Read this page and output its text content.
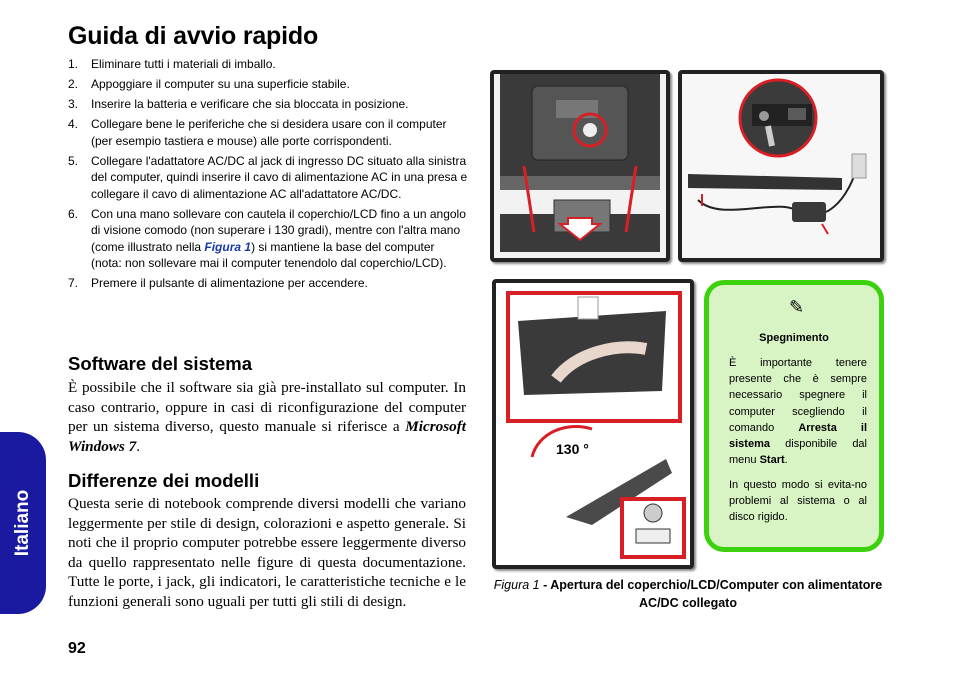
Guida di avvio rapido
1. Eliminare tutti i materiali di imballo.
2. Appoggiare il computer su una superficie stabile.
3. Inserire la batteria e verificare che sia bloccata in posizione.
4. Collegare bene le periferiche che si desidera usare con il computer (per esempio tastiera e mouse) alle porte corrispondenti.
5. Collegare l'adattatore AC/DC al jack di ingresso DC situato alla sinistra del computer, quindi inserire il cavo di alimentazione AC in una presa e collegare il cavo di alimentazione AC all'adattatore AC/DC.
6. Con una mano sollevare con cautela il coperchio/LCD fino a un angolo di visione comodo (non superare i 130 gradi), mentre con l'altra mano (come illustrato nella Figura 1) si mantiene la base del computer (nota: non sollevare mai il computer tenendolo dal coperchio/LCD).
7. Premere il pulsante di alimentazione per accendere.
Software del sistema

È possibile che il software sia già pre-installato sul computer. In caso contrario, oppure in casi di riconfigurazione del computer per un sistema diverso, questo manuale si riferisce a Microsoft Windows 7.

Differenze dei modelli

Questa serie di notebook comprende diversi modelli che variano leggermente per stile di design, colorazioni e aspetto generale. Si noti che il proprio computer potrebbe essere leggermente diverso da quello rappresentato nelle figure di questa documentazione. Tutte le porte, i jack, gli indicatori, le caratteristiche tecniche e le funzioni generali sono uguali per tutti gli stili di design.

Italiano
92
130 °
✎
Spegnimento

È importante tenere presente che è sempre necessario spegnere il computer scegliendo il comando Arresta il sistema disponibile dal menu Start.

In questo modo si evita-no problemi al sistema o al disco rigido.

Figura 1 - Apertura del coperchio/LCD/Computer con alimentatore AC/DC collegato
